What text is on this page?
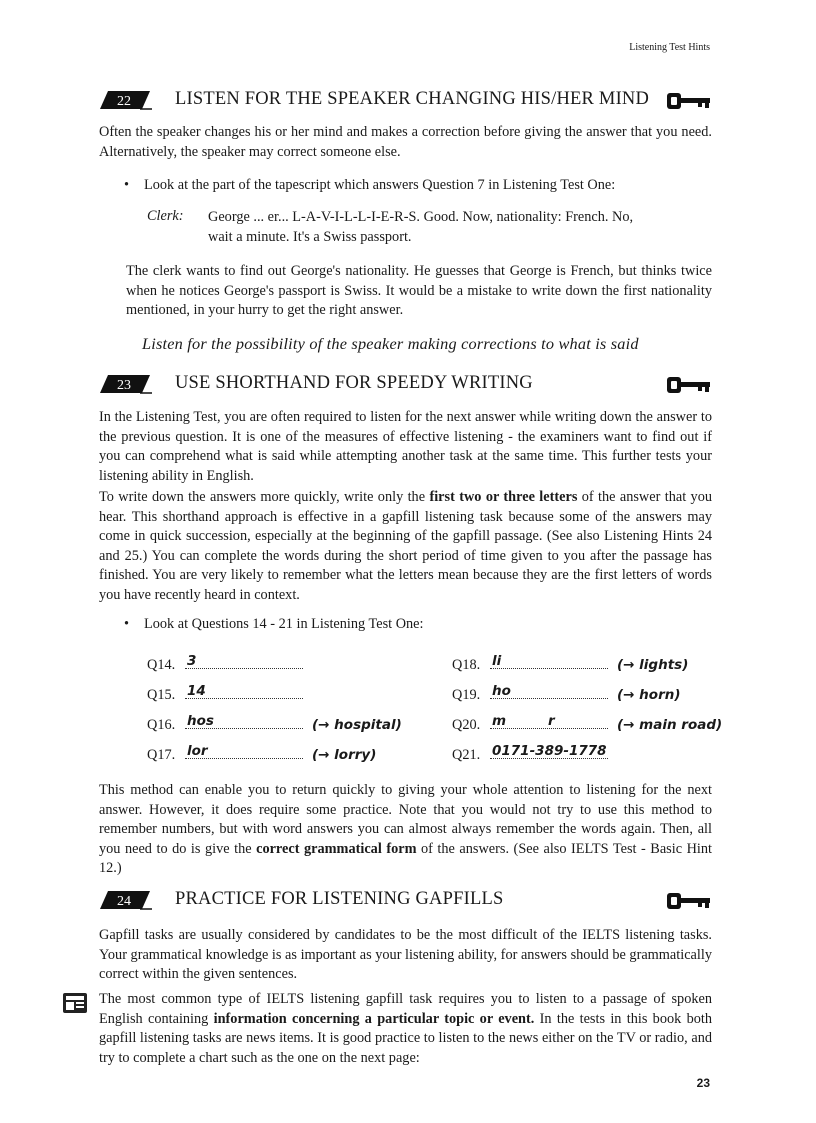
Listening Test Hints
22 LISTEN FOR THE SPEAKER CHANGING HIS/HER MIND
Often the speaker changes his or her mind and makes a correction before giving the answer that you need. Alternatively, the speaker may correct someone else.
• Look at the part of the tapescript which answers Question 7 in Listening Test One:
Clerk: George ... er... L-A-V-I-L-L-I-E-R-S. Good. Now, nationality: French. No,
wait a minute. It's a Swiss passport.
The clerk wants to find out George's nationality. He guesses that George is French, but thinks twice when he notices George's passport is Swiss. It would be a mistake to write down the first nationality mentioned, in your hurry to get the right answer.
Listen for the possibility of the speaker making corrections to what is said
23 USE SHORTHAND FOR SPEEDY WRITING
In the Listening Test, you are often required to listen for the next answer while writing down the answer to the previous question. It is one of the measures of effective listening - the examiners want to find out if you can comprehend what is said while attempting another task at the same time. This further tests your listening ability in English.
To write down the answers more quickly, write only the first two or three letters of the answer that you hear. This shorthand approach is effective in a gapfill listening task because some of the answers may come in quick succession, especially at the beginning of the gapfill passage. (See also Listening Hints 24 and 25.) You can complete the words during the short period of time given to you after the passage has finished. You are very likely to remember what the letters mean because they are the first letters of words you have recently heard in context.
• Look at Questions 14 - 21 in Listening Test One:
Q14. 3
Q15. 14
Q16. hos	(→ hospital)
Q17. lor	(→ lorry)
Q18. li	(→ lights)
Q19. ho	(→ horn)
Q20. m	r	(→ main road)
Q21. 0171-389-1778
This method can enable you to return quickly to giving your whole attention to listening for the next answer. However, it does require some practice. Note that you would not try to use this method to remember numbers, but with word answers you can almost always remember the words again. Then, all you need to do is give the correct grammatical form of the answers. (See also IELTS Test - Basic Hint 12.)
24 PRACTICE FOR LISTENING GAPFILLS
Gapfill tasks are usually considered by candidates to be the most difficult of the IELTS listening tasks. Your grammatical knowledge is as important as your listening ability, for answers should be grammatically correct within the given sentences.
The most common type of IELTS listening gapfill task requires you to listen to a passage of spoken English containing information concerning a particular topic or event. In the tests in this book both gapfill listening tasks are news items. It is good practice to listen to the news either on the TV or radio, and try to complete a chart such as the one on the next page:
23
